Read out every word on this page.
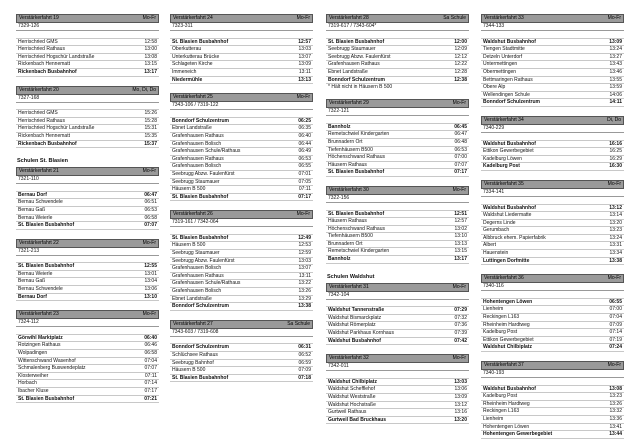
Verstärkerfahrt 19	Mo-Fr
7329-126
Herrischried GMS	12:58
Herrischried Rathaus	13:00
Herrischried Hogschür Landstraße	13:08
Rickenbach Hennematt	13:15
Rickenbach Busbahnhof	13:17
Verstärkerfahrt 20	Mo, Di, Do
7327-168
Herrischried GMS	15:26
Herrischried Rathaus	15:28
Herrischried Hogschür Landstraße	15:31
Rickenbach Hennematt	15:35
Rickenbach Busbahnhof	15:37
Schulen St. Blasien
Verstärkerfahrt 21	Mo-Fr
7321-110
Bernau Dorf	06:47
Bernau Schwendele	06:51
Bernau Gaß	06:53
Bernau Weierle	06:58
St. Blasien Busbahnhof	07:07
Verstärkerfahrt 22	Mo-Fr
7321-213
St. Blasien Busbahnhof	12:55
Bernau Weierle	13:01
Bernau Gaß	13:04
Bernau Schwendele	13:06
Bernau Dorf	13:10
Verstärkerfahrt 23	Mo-Fr
7324-112
Görwihl Marktplatz	06:40
Rotzingen Rathaus	06:46
Wolpadingen	06:58
Wittenschwand Wasenhof	07:04
Schmalenberg Buswendeplatz	07:07
Klosterweiher	07:11
Horbach	07:14
Ibacher Kluse	07:17
St. Blasien Busbahnhof	07:21
Verstärkerfahrt 24	Mo-Fr
7323-311
St. Blasien Busbahnhof	12:57
Oberkutterau	13:03
Unterkutterau Brücke	13:07
Schlageten Kirche	13:09
Immeneich	13:11
Niedermühle	13:13
Verstärkerfahrt 25	Mo-Fr
7343-106 / 7319-122
Bonndorf Schulzentrum	06:25
Ebnet Landstraße	06:35
Grafenhausen Rathaus	06:40
Grafenhausen Bolisch	06:44
Grafenhausen Schule/Rathaus	06:49
Grafenhausen Rathaus	06:53
Grafenhausen Bolisch	06:55
Seebrugg Abzw. Faulenfürst	07:01
Seebrugg Staumauer	07:05
Häusern B 500	07:11
St. Blasien Busbahnhof	07:17
Verstärkerfahrt 26	Mo-Fr
7319-161 / 7342-064
St. Blasien Busbahnhof	12:49
Häusern B 500	12:53
Seebrugg Staumauer	12:59
Seebrugg Abzw. Faulenfürst	13:03
Grafenhausen Bolisch	13:07
Grafenhausen Rathaus	13:11
Grafenhausen Schule/Rathaus	13:22
Grafenhausen Bolisch	13:26
Ebnet Landstraße	13:29
Bonndorf Schulzentrum	13:38
Verstärkerfahrt 27	Sa Schule
7343-603 / 7319-608
Bonndorf Schulzentrum	06:31
Schlüchsee Rathaus	06:52
Seebrugg Bahnhof	06:59
Häusern B 500	07:09
St. Blasien Busbahnhof	07:18
Verstärkerfahrt 28	Sa Schule
7319-617 / 7343-604*
St. Blasien Busbahnhof	12:00
Seebrugg Staumauer	12:09
Seebrugg Abzw. Faulenfürst	12:12
Grafenhausen Rathaus	12:22
Ebnet Landstraße	12:28
Bonndorf Schulzentrum	12:38
* Hält nicht in Häusern B 500
Verstärkerfahrt 29	Mo-Fr
7322-121
Bannholz	06:45
Remetschwiel Kindergarten	06:47
Brunnadern Ort	06:48
Tiefenhäusern B500	06:53
Höchenschwand Rathaus	07:00
Häusern Rathaus	07:07
St. Blasien Busbahnhof	07:17
Verstärkerfahrt 30	Mo-Fr
7322-156
St. Blasien Busbahnhof	12:51
Häusern Rathaus	12:57
Höchenschwand Rathaus	13:02
Tiefenhäusern B500	13:10
Brunnadern Ort	13:13
Remetschwiel Kindergarten	13:15
Bannholz	13:17
Schulen Waldshut
Verstärkerfahrt 31	Mo-Fr
7342-104
Waldshut Tannenstraße	07:29
Waldshut Bismarckplatz	07:32
Waldshut Römerplatz	07:36
Waldshut Parkhaus Kornhaus	07:39
Waldshut Busbahnhof	07:42
Verstärkerfahrt 32	Mo-Fr
7342-011
Waldshut Chilbiplatz	13:03
Waldshut Schefflehof	13:06
Waldshut Weststraße	13:09
Waldshut Hochstraße	13:12
Gurtweil Rathaus	13:16
Gurtweil Bad Bruckhaus	13:20
Verstärkerfahrt 33	Mo-Fr
7344-133
Waldshut Busbahnhof	13:09
Tiengen Stadtmitte	13:24
Detzeln Unterdorf	13:27
Untermettingen	13:43
Obermettingen	13:46
Bettmaringen Rathaus	13:55
Obere Alp	13:59
Wellendingen Schule	14:06
Bonndorf Schulzentrum	14:11
Verstärkerfahrt 34	Di, Do
7340-229
Waldshut Busbahnhof	16:16
Ettikon Gewerbegebiet	16:25
Kadelburg Löwen	16:29
Kadelburg Post	16:30
Verstärkerfahrt 35	Mo-Fr
7334-141
Waldshut Busbahnhof	13:12
Waldshut Liedermatte	13:14
Degerns Linde	13:20
Gerumbach	13:23
Albbruck ehem. Papierfabrik	13:24
Albert	13:31
Hauenstein	13:34
Luttingen Dorfmitte	13:38
Verstärkerfahrt 36	Mo-Fr
7340-116
Hohentengen Löwen	06:55
Lienheim	07:00
Reckingen L163	07:04
Rheinheim Hardtweg	07:09
Kadelburg Post	07:14
Ettikon Gewerbegebiet	07:19
Waldshut Chilbiplatz	07:24
Verstärkerfahrt 37	Mo-Fr
7340-193
Waldshut Busbahnhof	13:08
Kadelburg Post	13:23
Rheinheim Hardtweg	13:26
Reckingen L163	13:32
Lienheim	13:36
Hohentengen Löwen	13:41
Hohentengen Gewerbegebiet	13:44
